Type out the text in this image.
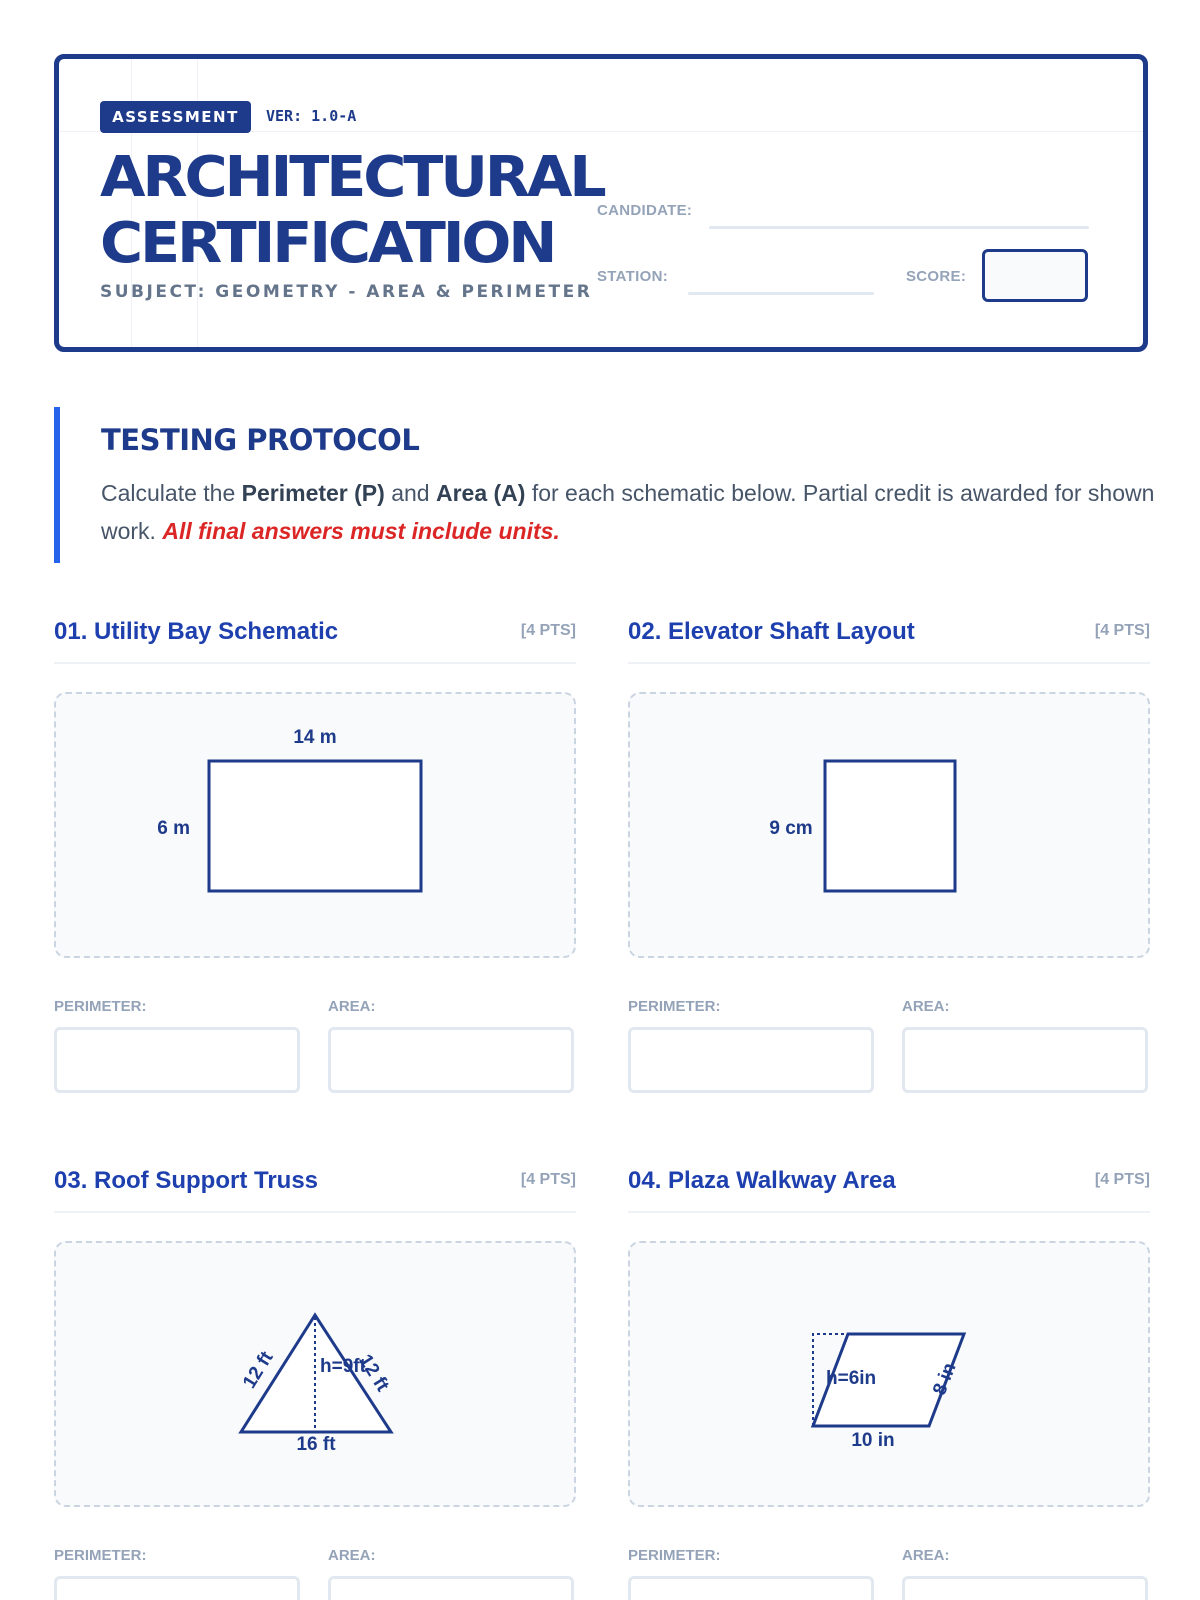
ASSESSMENT	VER: 1.0-A
ARCHITECTURAL
CERTIFICATION
SUBJECT: GEOMETRY - AREA & PERIMETER
CANDIDATE:
STATION:	SCORE:
TESTING PROTOCOL
Calculate the Perimeter (P) and Area (A) for each schematic below. Partial credit is awarded for shown work. All final answers must include units.
01. Utility Bay Schematic	[4 PTS]
14 m
6 m
PERIMETER:	AREA:
02. Elevator Shaft Layout	[4 PTS]
9 cm
PERIMETER:	AREA:
03. Roof Support Truss	[4 PTS]
12 ft	12 ft
h=9ft
16 ft
PERIMETER:	AREA:
04. Plaza Walkway Area	[4 PTS]
h=6in	8 in
10 in
PERIMETER:	AREA:
